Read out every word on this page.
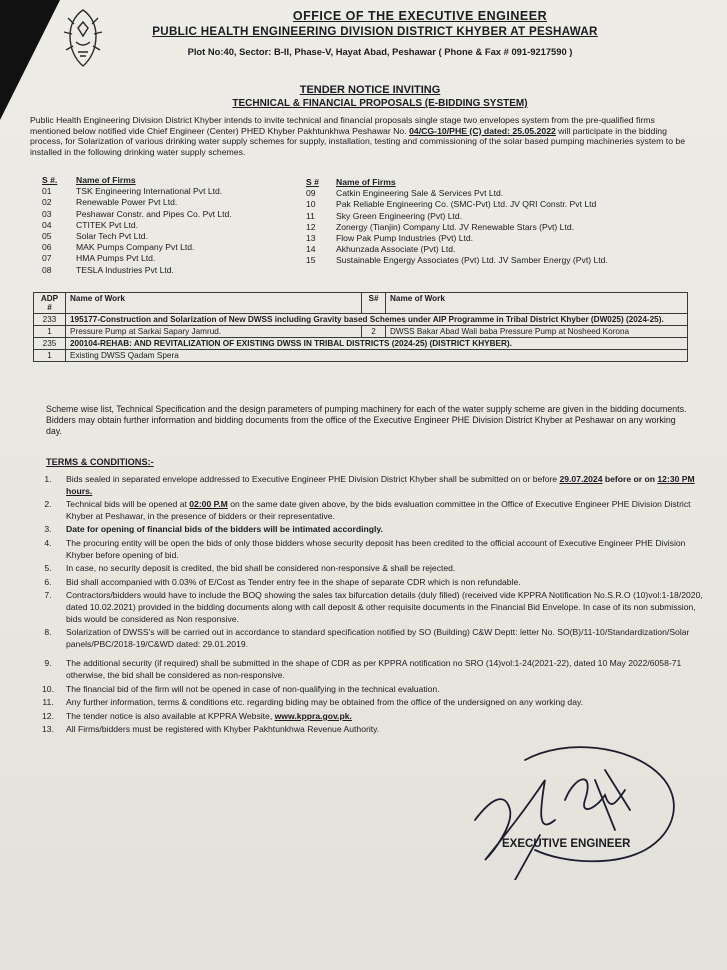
OFFICE OF THE EXECUTIVE ENGINEER
PUBLIC HEALTH ENGINEERING DIVISION DISTRICT KHYBER AT PESHAWAR
Plot No:40, Sector: B-II, Phase-V, Hayat Abad, Peshawar ( Phone & Fax # 091-9217590 )
TENDER NOTICE INVITING
TECHNICAL & FINANCIAL PROPOSALS (E-BIDDING SYSTEM)
Public Health Engineering Division District Khyber intends to invite technical and financial proposals single stage two envelopes system from the pre-qualified firms mentioned below notified vide Chief Engineer (Center) PHED Khyber Pakhtunkhwa Peshawar No. 04/CG-10/PHE (C) dated: 25.05.2022 will participate in the bidding process, for Solarization of various drinking water supply schemes for supply, installation, testing and commissioning of the solar based pumping machineries system to be installed in the following drinking water supply schemes.
S #.	Name of Firms
01	TSK Engineering International Pvt Ltd.
02	Renewable Power Pvt Ltd.
03	Peshawar Constr. and Pipes Co. Pvt Ltd.
04	CTITEK Pvt Ltd.
05	Solar Tech Pvt Ltd.
06	MAK Pumps Company Pvt Ltd.
07	HMA Pumps Pvt Ltd.
08	TESLA Industries Pvt Ltd.
S #	Name of Firms
09	Catkin Engineering Sale & Services Pvt Ltd.
10	Pak Reliable Engineering Co. (SMC-Pvt) Ltd. JV QRI Constr. Pvt Ltd
11	Sky Green Engineering (Pvt) Ltd.
12	Zonergy (Tianjin) Company Ltd. JV Renewable Stars (Pvt) Ltd.
13	Flow Pak Pump Industries (Pvt) Ltd.
14	Akhunzada Associate (Pvt) Ltd.
15	Sustainable Engergy Associates (Pvt) Ltd. JV Samber Energy (Pvt) Ltd.
ADP #	Name of Work	S#	Name of Work
233	195177-Construction and Solarization of New DWSS including Gravity based Schemes under AIP Programme in Tribal District Khyber (DW025) (2024-25).		
1	Pressure Pump at Sarkai Sapary Jamrud.	2	DWSS Bakar Abad Wali baba Pressure Pump at Nosheed Korona
235	200104-REHAB: AND REVITALIZATION OF EXISTING DWSS IN TRIBAL DISTRICTS (2024-25) (DISTRICT KHYBER).		
1	Existing DWSS Qadam Spera		
Scheme wise list, Technical Specification and the design parameters of pumping machinery for each of the water supply scheme are given in the bidding documents. Bidders may obtain further information and bidding documents from the office of the Executive Engineer PHE Division District Khyber at Peshawar on any working day.
TERMS & CONDITIONS:-
1.	Bids sealed in separated envelope addressed to Executive Engineer PHE Division District Khyber shall be submitted on or before 29.07.2024 before or on 12:30 PM hours.
2.	Technical bids will be opened at 02:00 P.M on the same date given above, by the bids evaluation committee in the Office of Executive Engineer PHE Division District Khyber at Peshawar, in the presence of bidders or their representative.
3.	Date for opening of financial bids of the bidders will be intimated accordingly.
4.	The procuring entity will be open the bids of only those bidders whose security deposit has been credited to the official account of Executive Engineer PHE Division Khyber before opening of bid.
5.	In case, no security deposit is credited, the bid shall be considered non-responsive & shall be rejected.
6.	Bid shall accompanied with 0.03% of E/Cost as Tender entry fee in the shape of separate CDR which is non refundable.
7.	Contractors/bidders would have to include the BOQ showing the sales tax bifurcation details (duly filled) (received vide KPPRA Notification No.S.R.O (10)vol:1-18/2020, dated 10.02.2021) provided in the bidding documents along with call deposit & other requisite documents in the Financial Bid Envelope. In case of its non submission, bids would be considered as Non responsive.
8.	Solarization of DWSS's will be carried out in accordance to standard specification notified by SO (Building) C&W Deptt: letter No. SO(B)/11-10/Standardization/Solar panels/PBC/2018-19/C&WD dated: 29.01.2019.
9.	The additional security (if required) shall be submitted in the shape of CDR as per KPPRA notification no SRO (14)vol:1-24(2021-22), dated 10 May 2022/6058-71 otherwise, the bid shall be considered as non-responsive.
10.	The financial bid of the firm will not be opened in case of non-qualifying in the technical evaluation.
11.	Any further information, terms & conditions etc. regarding biding may be obtained from the office of the undersigned on any working day.
12.	The tender notice is also available at KPPRA Website, www.kppra.gov.pk.
13.	All Firms/bidders must be registered with Khyber Pakhtunkhwa Revenue Authority.
EXECUTIVE ENGINEER
